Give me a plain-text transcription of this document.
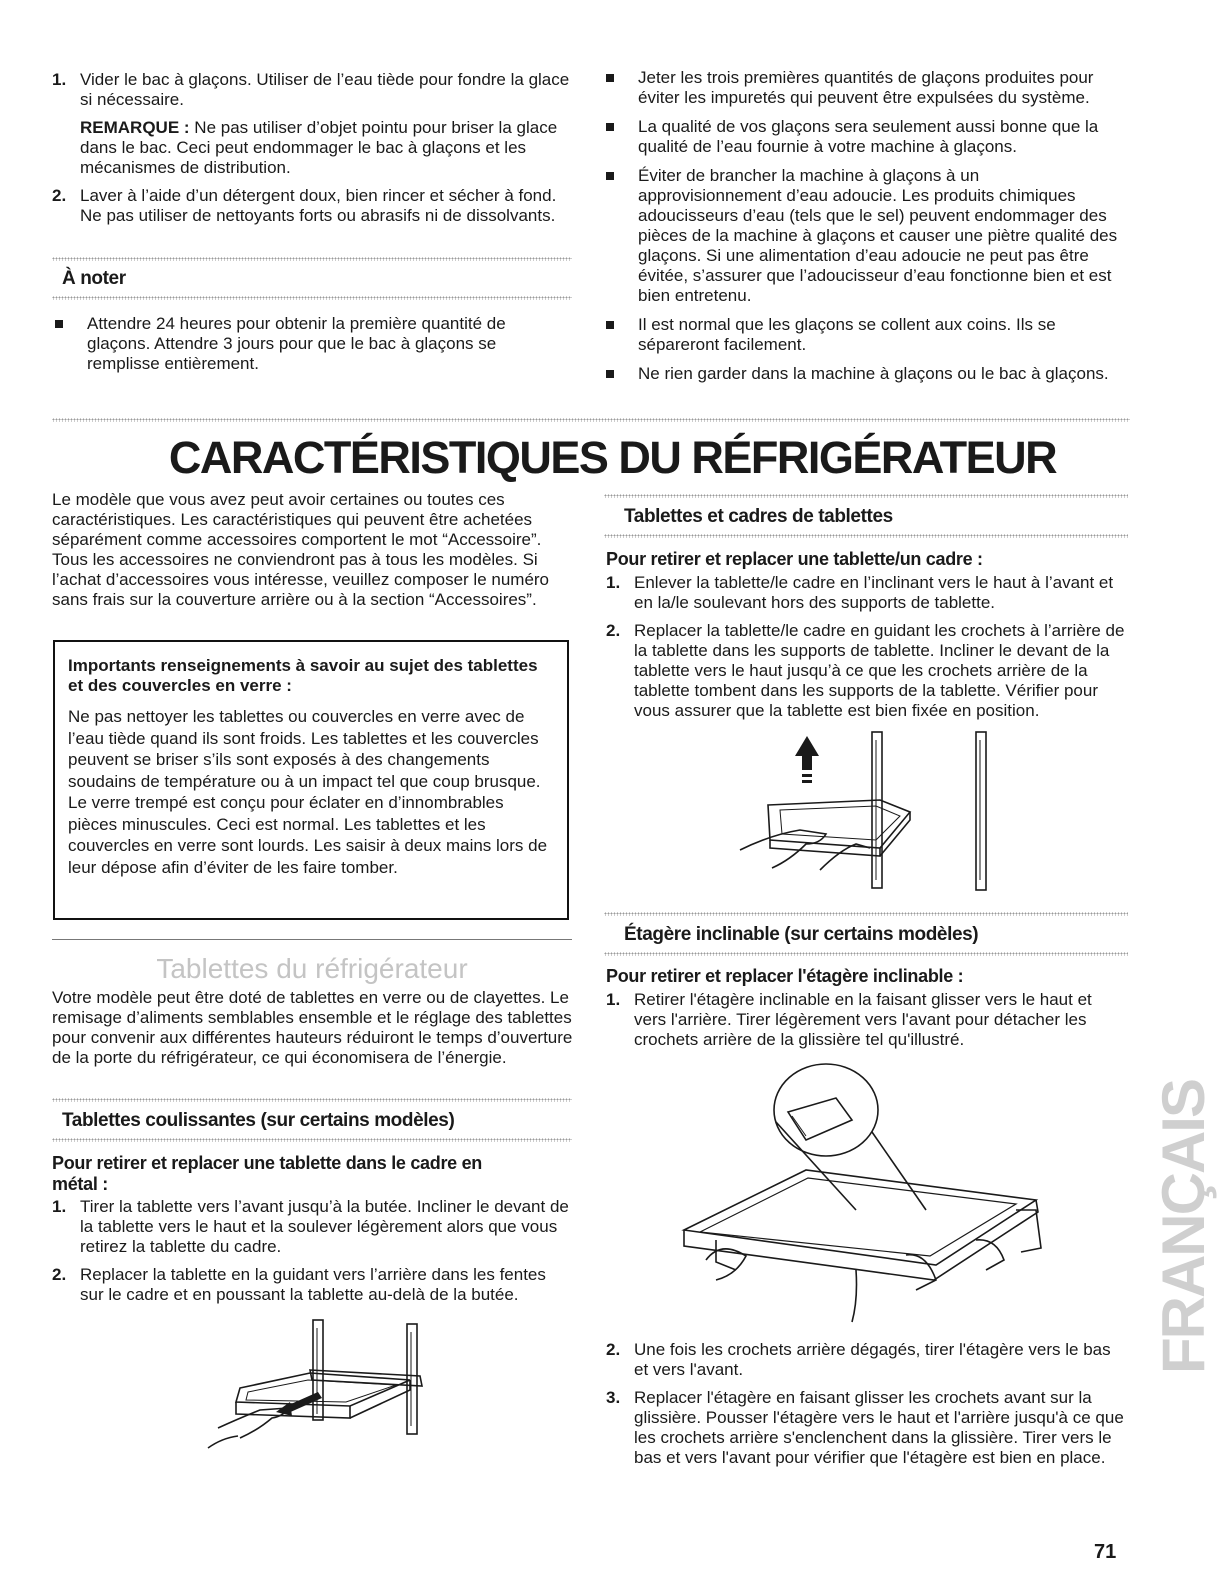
1. Vider le bac à glaçons. Utiliser de l’eau tiède pour fondre la glace si nécessaire.
REMARQUE : Ne pas utiliser d’objet pointu pour briser la glace dans le bac. Ceci peut endommager le bac à glaçons et les mécanismes de distribution.
2. Laver à l’aide d’un détergent doux, bien rincer et sécher à fond. Ne pas utiliser de nettoyants forts ou abrasifs ni de dissolvants.
À noter
Attendre 24 heures pour obtenir la première quantité de glaçons. Attendre 3 jours pour que le bac à glaçons se remplisse entièrement.
Jeter les trois premières quantités de glaçons produites pour éviter les impuretés qui peuvent être expulsées du système.
La qualité de vos glaçons sera seulement aussi bonne que la qualité de l’eau fournie à votre machine à glaçons.
Éviter de brancher la machine à glaçons à un approvisionnement d’eau adoucie. Les produits chimiques adoucisseurs d’eau (tels que le sel) peuvent endommager des pièces de la machine à glaçons et causer une piètre qualité des glaçons. Si une alimentation d’eau adoucie ne peut pas être évitée, s’assurer que l’adoucisseur d’eau fonctionne bien et est bien entretenu.
Il est normal que les glaçons se collent aux coins. Ils se sépareront facilement.
Ne rien garder dans la machine à glaçons ou le bac à glaçons.
CARACTÉRISTIQUES DU RÉFRIGÉRATEUR
Le modèle que vous avez peut avoir certaines ou toutes ces caractéristiques. Les caractéristiques qui peuvent être achetées séparément comme accessoires comportent le mot “Accessoire”. Tous les accessoires ne conviendront pas à tous les modèles. Si l’achat d’accessoires vous intéresse, veuillez composer le numéro sans frais sur la couverture arrière ou à la section “Accessoires”.
Importants renseignements à savoir au sujet des tablettes et des couvercles en verre :
Ne pas nettoyer les tablettes ou couvercles en verre avec de l’eau tiède quand ils sont froids. Les tablettes et les couvercles peuvent se briser s’ils sont exposés à des changements soudains de température ou à un impact tel que coup brusque. Le verre trempé est conçu pour éclater en d’innombrables pièces minuscules. Ceci est normal. Les tablettes et les couvercles en verre sont lourds. Les saisir à deux mains lors de leur dépose afin d’éviter de les faire tomber.
Tablettes du réfrigérateur
Votre modèle peut être doté de tablettes en verre ou de clayettes. Le remisage d’aliments semblables ensemble et le réglage des tablettes pour convenir aux différentes hauteurs réduiront le temps d’ouverture de la porte du réfrigérateur, ce qui économisera de l’énergie.
Tablettes coulissantes (sur certains modèles)
Pour retirer et replacer une tablette dans le cadre en métal :
1. Tirer la tablette vers l’avant jusqu’à la butée. Incliner le devant de la tablette vers le haut et la soulever légèrement alors que vous retirez la tablette du cadre.
2. Replacer la tablette en la guidant vers l’arrière dans les fentes sur le cadre et en poussant la tablette au-delà de la butée.
Tablettes et cadres de tablettes
Pour retirer et replacer une tablette/un cadre :
1. Enlever la tablette/le cadre en l’inclinant vers le haut à l’avant et en la/le soulevant hors des supports de tablette.
2. Replacer la tablette/le cadre en guidant les crochets à l’arrière de la tablette dans les supports de tablette. Incliner le devant de la tablette vers le haut jusqu’à ce que les crochets arrière de la tablette tombent dans les supports de la tablette. Vérifier pour vous assurer que la tablette est bien fixée en position.
Étagère inclinable (sur certains modèles)
Pour retirer et replacer l'étagère inclinable :
1. Retirer l'étagère inclinable en la faisant glisser vers le haut et vers l'arrière. Tirer légèrement vers l'avant pour détacher les crochets arrière de la glissière tel qu'illustré.
2. Une fois les crochets arrière dégagés, tirer l'étagère vers le bas et vers l'avant.
3. Replacer l'étagère en faisant glisser les crochets avant sur la glissière. Pousser l'étagère vers le haut et l'arrière jusqu'à ce que les crochets arrière s'enclenchent dans la glissière. Tirer vers le bas et vers l'avant pour vérifier que l'étagère est bien en place.
FRANÇAIS
71
